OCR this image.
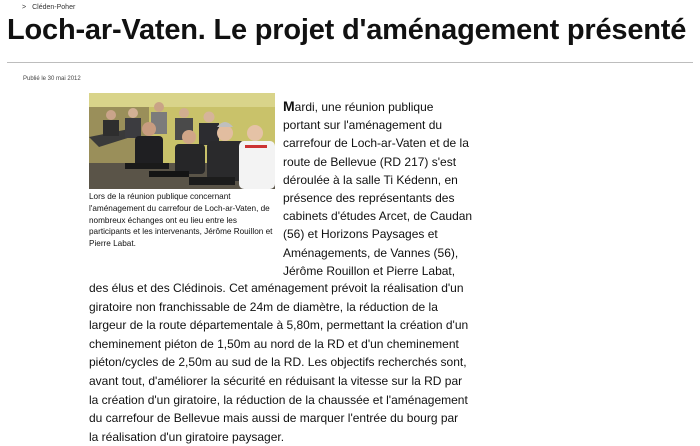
> Cléden-Poher
Loch-ar-Vaten. Le projet d'aménagement présenté
Publié le 30 mai 2012
Lors de la réunion publique concernant l'aménagement du carrefour de Loch-ar-Vaten, de nombreux échanges ont eu lieu entre les participants et les intervenants, Jérôme Rouillon et Pierre Labat.

Mardi, une réunion publique portant sur l'aménagement du carrefour de Loch-ar-Vaten et de la route de Bellevue (RD 217) s'est déroulée à la salle Ti Kédenn, en présence des représentants des cabinets d'études Arcet, de Caudan (56) et Horizons Paysages et Aménagements, de Vannes (56), Jérôme Rouillon et Pierre Labat,

des élus et des Clédinois. Cet aménagement prévoit la réalisation d'un giratoire non franchissable de 24m de diamètre, la réduction de la largeur de la route départementale à 5,80m, permettant la création d'un cheminement piéton de 1,50m au nord de la RD et d'un cheminement piéton/cycles de 2,50m au sud de la RD. Les objectifs recherchés sont, avant tout, d'améliorer la sécurité en réduisant la vitesse sur la RD par la création d'un giratoire, la réduction de la chaussée et l'aménagement du carrefour de Bellevue mais aussi de marquer l'entrée du bourg par la réalisation d'un giratoire paysager.
